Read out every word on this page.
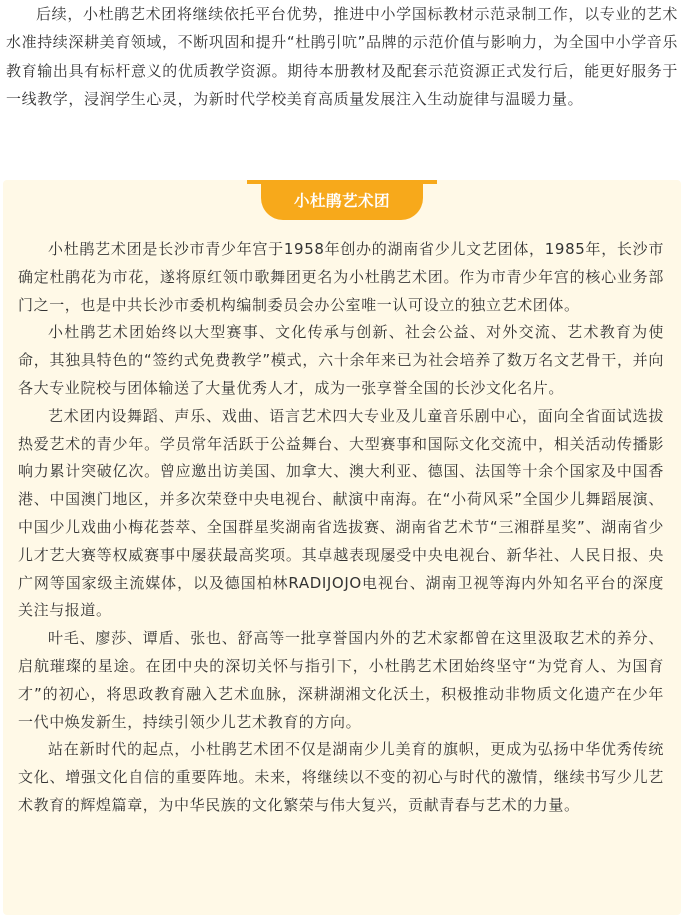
后续，小杜鹃艺术团将继续依托平台优势，推进中小学国标教材示范录制工作，以专业的艺术水准持续深耕美育领域，不断巩固和提升“杜鹃引吭”品牌的示范价值与影响力，为全国中小学音乐教育输出具有标杆意义的优质教学资源。期待本册教材及配套示范资源正式发行后，能更好服务于一线教学，浸润学生心灵，为新时代学校美育高质量发展注入生动旋律与温暖力量。

小杜鹃艺术团

小杜鹃艺术团是长沙市青少年宫于1958年创办的湖南省少儿文艺团体，1985年，长沙市确定杜鹃花为市花，遂将原红领巾歌舞团更名为小杜鹃艺术团。作为市青少年宫的核心业务部门之一，也是中共长沙市委机构编制委员会办公室唯一认可设立的独立艺术团体。

小杜鹃艺术团始终以大型赛事、文化传承与创新、社会公益、对外交流、艺术教育为使命，其独具特色的“签约式免费教学”模式，六十余年来已为社会培养了数万名文艺骨干，并向各大专业院校与团体输送了大量优秀人才，成为一张享誉全国的长沙文化名片。

艺术团内设舞蹈、声乐、戏曲、语言艺术四大专业及儿童音乐剧中心，面向全省面试选拔热爱艺术的青少年。学员常年活跃于公益舞台、大型赛事和国际文化交流中，相关活动传播影响力累计突破亿次。曾应邀出访美国、加拿大、澳大利亚、德国、法国等十余个国家及中国香港、中国澳门地区，并多次荣登中央电视台、献演中南海。在“小荷风采”全国少儿舞蹈展演、中国少儿戏曲小梅花荟萃、全国群星奖湖南省选拔赛、湖南省艺术节“三湘群星奖”、湖南省少儿才艺大赛等权威赛事中屡获最高奖项。其卓越表现屡受中央电视台、新华社、人民日报、央广网等国家级主流媒体，以及德国柏林RADIJOJO电视台、湖南卫视等海内外知名平台的深度关注与报道。

叶毛、廖莎、谭盾、张也、舒高等一批享誉国内外的艺术家都曾在这里汲取艺术的养分、启航璀璨的星途。在团中央的深切关怀与指引下，小杜鹃艺术团始终坚守“为党育人、为国育才”的初心，将思政教育融入艺术血脉，深耕湖湘文化沃土，积极推动非物质文化遗产在少年一代中焕发新生，持续引领少儿艺术教育的方向。

站在新时代的起点，小杜鹃艺术团不仅是湖南少儿美育的旗帜，更成为弘扬中华优秀传统文化、增强文化自信的重要阵地。未来，将继续以不变的初心与时代的激情，继续书写少儿艺术教育的辉煌篇章，为中华民族的文化繁荣与伟大复兴，贡献青春与艺术的力量。
